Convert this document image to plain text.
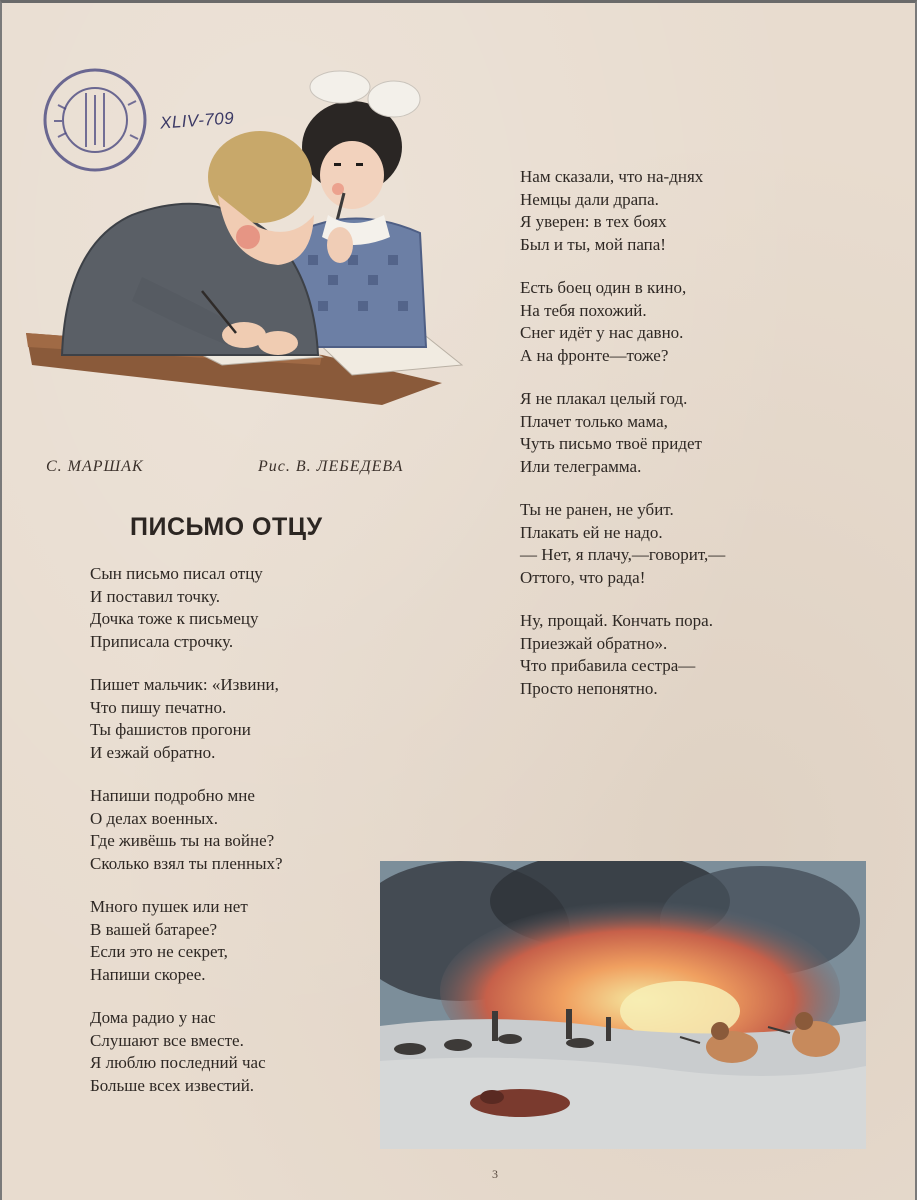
XLIV-709
С. МАРШАК	Рис. В. ЛЕБЕДЕВА
ПИСЬМО ОТЦУ
Сын письмо писал отцу
И поставил точку.
Дочка тоже к письмецу
Приписала строчку.
Пишет мальчик: «Извини,
Что пишу печатно.
Ты фашистов прогони
И езжай обратно.
Напиши подробно мне
О делах военных.
Где живёшь ты на войне?
Сколько взял ты пленных?
Много пушек или нет
В вашей батарее?
Если это не секрет,
Напиши скорее.
Дома радио у нас
Слушают все вместе.
Я люблю последний час
Больше всех известий.
Нам сказали, что на-днях
Немцы дали драпа.
Я уверен: в тех боях
Был и ты, мой папа!
Есть боец один в кино,
На тебя похожий.
Снег идёт у нас давно.
А на фронте—тоже?
Я не плакал целый год.
Плачет только мама,
Чуть письмо твоё придет
Или телеграмма.
Ты не ранен, не убит.
Плакать ей не надо.
— Нет, я плачу,—говорит,—
Оттого, что рада!
Ну, прощай. Кончать пора.
Приезжай обратно».
Что прибавила сестра—
Просто непонятно.
3
